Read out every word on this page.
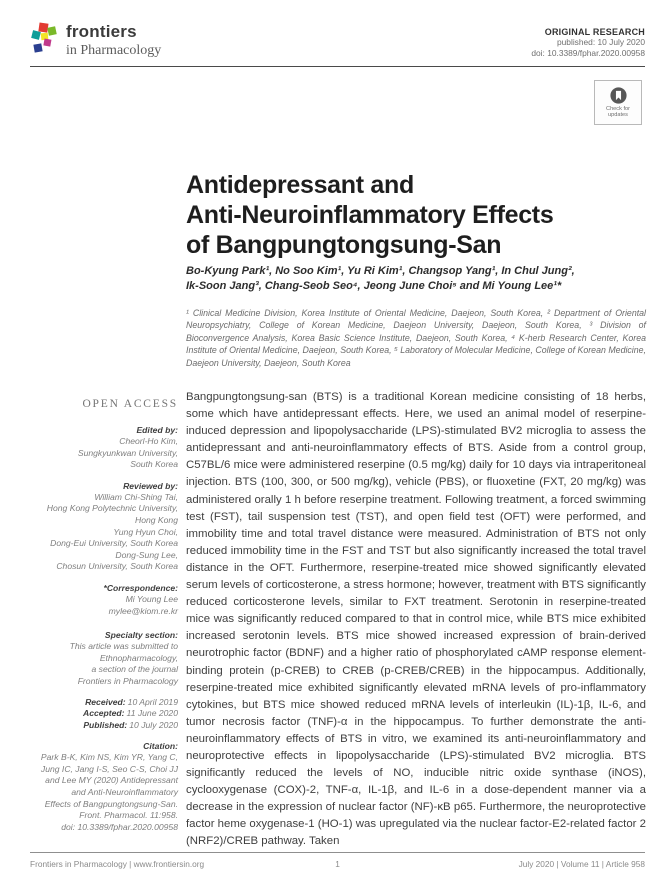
frontiers
in Pharmacology
ORIGINAL RESEARCH
published: 10 July 2020
doi: 10.3389/fphar.2020.00958
Check for updates
Antidepressant and
Anti-Neuroinflammatory Effects
of Bangpungtongsung-San
Bo-Kyung Park¹, No Soo Kim¹, Yu Ri Kim¹, Changsop Yang¹, In Chul Jung²,
Ik-Soon Jang³, Chang-Seob Seo⁴, Jeong June Choi⁵ and Mi Young Lee¹*
¹ Clinical Medicine Division, Korea Institute of Oriental Medicine, Daejeon, South Korea, ² Department of Oriental Neuropsychiatry, College of Korean Medicine, Daejeon University, Daejeon, South Korea, ³ Division of Bioconvergence Analysis, Korea Basic Science Institute, Daejeon, South Korea, ⁴ K-herb Research Center, Korea Institute of Oriental Medicine, Daejeon, South Korea, ⁵ Laboratory of Molecular Medicine, College of Korean Medicine, Daejeon University, Daejeon, South Korea
OPEN ACCESS
Edited by:
Cheorl-Ho Kim,
Sungkyunkwan University,
South Korea
Reviewed by:
William Chi-Shing Tai,
Hong Kong Polytechnic University,
Hong Kong
Yung Hyun Choi,
Dong-Eui University, South Korea
Dong-Sung Lee,
Chosun University, South Korea
*Correspondence:
Mi Young Lee
mylee@kiom.re.kr
Specialty section:
This article was submitted to
Ethnopharmacology,
a section of the journal
Frontiers in Pharmacology
Received: 10 April 2019
Accepted: 11 June 2020
Published: 10 July 2020
Citation:
Park B-K, Kim NS, Kim YR, Yang C,
Jung IC, Jang I-S, Seo C-S, Choi JJ
and Lee MY (2020) Antidepressant
and Anti-Neuroinflammatory
Effects of Bangpungtongsung-San.
Front. Pharmacol. 11:958.
doi: 10.3389/fphar.2020.00958
Bangpungtongsung-san (BTS) is a traditional Korean medicine consisting of 18 herbs, some which have antidepressant effects. Here, we used an animal model of reserpine-induced depression and lipopolysaccharide (LPS)-stimulated BV2 microglia to assess the antidepressant and anti-neuroinflammatory effects of BTS. Aside from a control group, C57BL/6 mice were administered reserpine (0.5 mg/kg) daily for 10 days via intraperitoneal injection. BTS (100, 300, or 500 mg/kg), vehicle (PBS), or fluoxetine (FXT, 20 mg/kg) was administered orally 1 h before reserpine treatment. Following treatment, a forced swimming test (FST), tail suspension test (TST), and open field test (OFT) were performed, and immobility time and total travel distance were measured. Administration of BTS not only reduced immobility time in the FST and TST but also significantly increased the total travel distance in the OFT. Furthermore, reserpine-treated mice showed significantly elevated serum levels of corticosterone, a stress hormone; however, treatment with BTS significantly reduced corticosterone levels, similar to FXT treatment. Serotonin in reserpine-treated mice was significantly reduced compared to that in control mice, while BTS mice exhibited increased serotonin levels. BTS mice showed increased expression of brain-derived neurotrophic factor (BDNF) and a higher ratio of phosphorylated cAMP response element-binding protein (p-CREB) to CREB (p-CREB/CREB) in the hippocampus. Additionally, reserpine-treated mice exhibited significantly elevated mRNA levels of pro-inflammatory cytokines, but BTS mice showed reduced mRNA levels of interleukin (IL)-1β, IL-6, and tumor necrosis factor (TNF)-α in the hippocampus. To further demonstrate the anti-neuroinflammatory effects of BTS in vitro, we examined its anti-neuroinflammatory and neuroprotective effects in lipopolysaccharide (LPS)-stimulated BV2 microglia. BTS significantly reduced the levels of NO, inducible nitric oxide synthase (iNOS), cyclooxygenase (COX)-2, TNF-α, IL-1β, and IL-6 in a dose-dependent manner via a decrease in the expression of nuclear factor (NF)-κB p65. Furthermore, the neuroprotective factor heme oxygenase-1 (HO-1) was upregulated via the nuclear factor-E2-related factor 2 (NRF2)/CREB pathway. Taken
Frontiers in Pharmacology | www.frontiersin.org	1	July 2020 | Volume 11 | Article 958
